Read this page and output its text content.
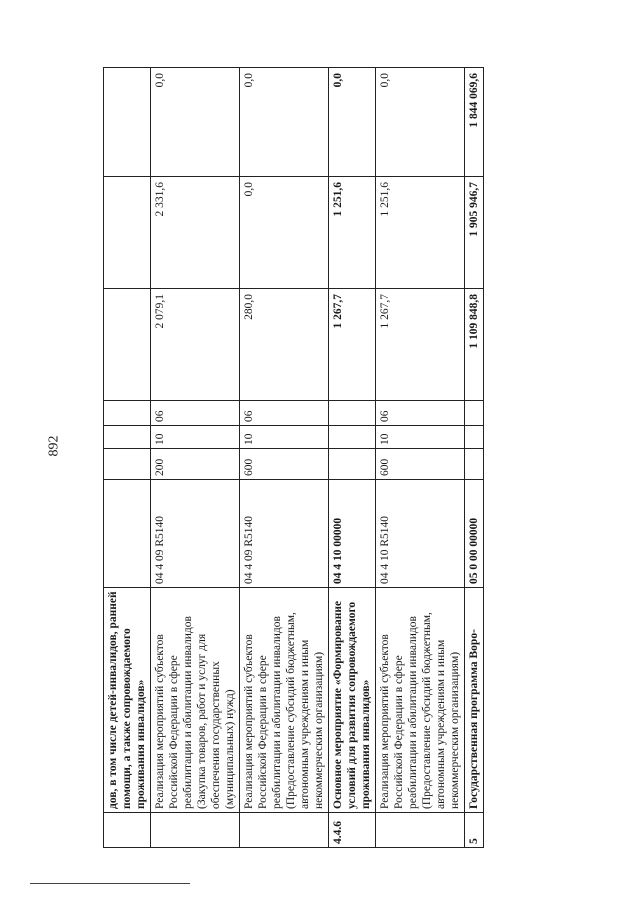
892
	дов, в том числе детей-инвалидов, ранней помощи, а также сопровождаемого проживания инвалидов»							
	Реализация мероприятий субъектов Российской Федерации в сфере реабилитации и абилитации инвалидов (Закупка товаров, работ и услуг для обеспечения государственных (муниципальных) нужд)	04 4 09 R5140	200	10	06	2 079,1	2 331,6	0,0
	Реализация мероприятий субъектов Российской Федерации в сфере реабилитации и абилитации инвалидов (Предоставление субсидий бюджетным, автономным учреждениям и иным некоммерческим организациям)	04 4 09 R5140	600	10	06	280,0	0,0	0,0
4.4.6	Основное мероприятие «Формирование условий для развития сопровождаемого проживания инвалидов»	04 4 10 00000				1 267,7	1 251,6	0,0
	Реализация мероприятий субъектов Российской Федерации в сфере реабилитации и абилитации инвалидов (Предоставление субсидий бюджетным, автономным учреждениям и иным некоммерческим организациям)	04 4 10 R5140	600	10	06	1 267,7	1 251,6	0,0
5	Государственная программа Воро-	05 0 00 00000				1 109 848,8	1 905 946,7	1 844 069,6
